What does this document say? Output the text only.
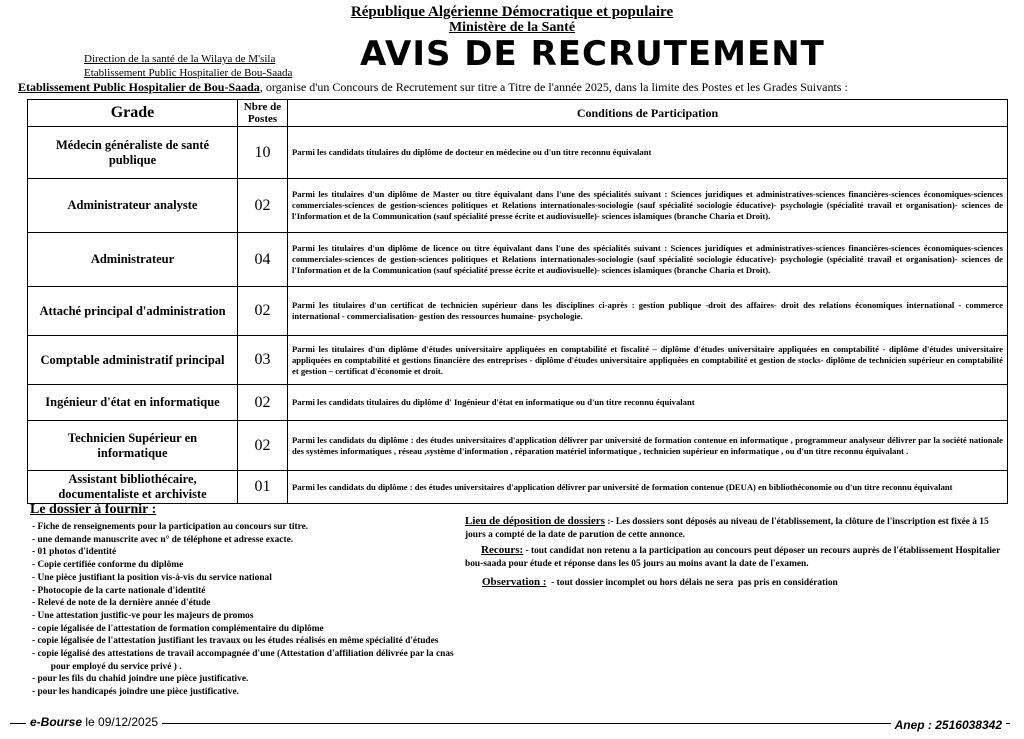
République Algérienne Démocratique et populaire
Ministère de la Santé
Direction de la santé de la Wilaya de M'sila
Etablissement Public Hospitalier de Bou-Saada AVIS DE RECRUTEMENT
Etablissement Public Hospitalier de Bou-Saada, organise d'un Concours de Recrutement sur titre a Titre de l'année 2025, dans la limite des Postes et les Grades Suivants :
Grade	Nbre de Postes	Conditions de Participation
Médecin généraliste de santé publique	10	Parmi les candidats titulaires du diplôme de docteur en médecine ou d'un titre reconnu équivalant
Administrateur analyste	02	Parmi les titulaires d'un diplôme de Master ou titre équivalant dans l'une des spécialités suivant : Sciences juridiques et administratives-sciences financières-sciences économiques-sciences commerciales-sciences de gestion-sciences politiques et Relations internationales-sociologie (sauf spécialité sociologie éducative)- psychologie (spécialité travail et organisation)- sciences de l'Information et de la Communication (sauf spécialité presse écrite et audiovisuelle)- sciences islamiques (branche Charia et Droit).
Administrateur	04	Parmi les titulaires d'un diplôme de licence ou titre équivalant dans l'une des spécialités suivant : Sciences juridiques et administratives-sciences financières-sciences économiques-sciences commerciales-sciences de gestion-sciences politiques et Relations internationales-sociologie (sauf spécialité sociologie éducative)- psychologie (spécialité travail et organisation)- sciences de l'Information et de la Communication (sauf spécialité presse écrite et audiovisuelle)- sciences islamiques (branche Charia et Droit).
Attaché principal d'administration	02	Parmi les titulaires d'un certificat de technicien supérieur dans les disciplines ci-après : gestion publique -droit des affaires- droit des relations économiques international - commerce international - commercialisation- gestion des ressources humaine- psychologie.
Comptable administratif principal	03	Parmi les titulaires d'un diplôme d'études universitaire appliquées en comptabilité et fiscalité – diplôme d'études universitaire appliquées en comptabilité - diplôme d'études universitaire appliquées en comptabilité et gestions financière des entreprises - diplôme d'études universitaire appliquées en comptabilité et gestion de stocks- diplôme de technicien supérieur en comptabilité et gestion – certificat d'économie et droit.
Ingénieur d'état en informatique	02	Parmi les candidats titulaires du diplôme d' Ingénieur d'état en informatique ou d'un titre reconnu équivalant
Technicien Supérieur en informatique	02	Parmi les candidats du diplôme : des études universitaires d'application délivrer par université de formation contenue en informatique , programmeur analyseur délivrer par la société nationale des systèmes informatiques , réseau ,système d'information , réparation matériel informatique , technicien supérieur en informatique , ou d'un titre reconnu équivalant .
Assistant bibliothécaire, documentaliste et archiviste	01	Parmi les candidats du diplôme : des études universitaires d'application délivrer par université de formation contenue (DEUA) en bibliothéconomie ou d'un titre reconnu équivalant
Le dossier à fournir :
- Fiche de renseignements pour la participation au concours sur titre.
- une demande manuscrite avec n° de téléphone et adresse exacte.
- 01 photos d'identité
- Copie certifiée conforme du diplôme
- Une pièce justifiant la position vis-à-vis du service national
- Photocopie de la carte nationale d'identité
- Relevé de note de la dernière année d'étude
- Une attestation justific-ve pour les majeurs de promos
- copie légalisée de l'attestation de formation complémentaire du diplôme
- copie légalisée de l'attestation justifiant les travaux ou les études réalisés en même spécialité d'études
- copie légalisé des attestations de travail accompagnée d'une (Attestation d'affiliation délivrée par la cnas
pour employé du service privé ) .
- pour les fils du chahid joindre une pièce justificative.
- pour les handicapés joindre une pièce justificative.
Lieu de déposition de dossiers :- Les dossiers sont déposés au niveau de l'établissement, la clôture de l'inscription est fixée à 15 jours a compté de la date de parution de cette annonce.
Recours: - tout candidat non retenu a la participation au concours peut déposer un recours auprès de l'établissement Hospitalier bou-saada pour étude et réponse dans les 05 jours au moins avant la date de l'examen.
Observation :  - tout dossier incomplet ou hors délais ne sera  pas pris en considération
e-Bourse le 09/12/2025	Anep : 2516038342
